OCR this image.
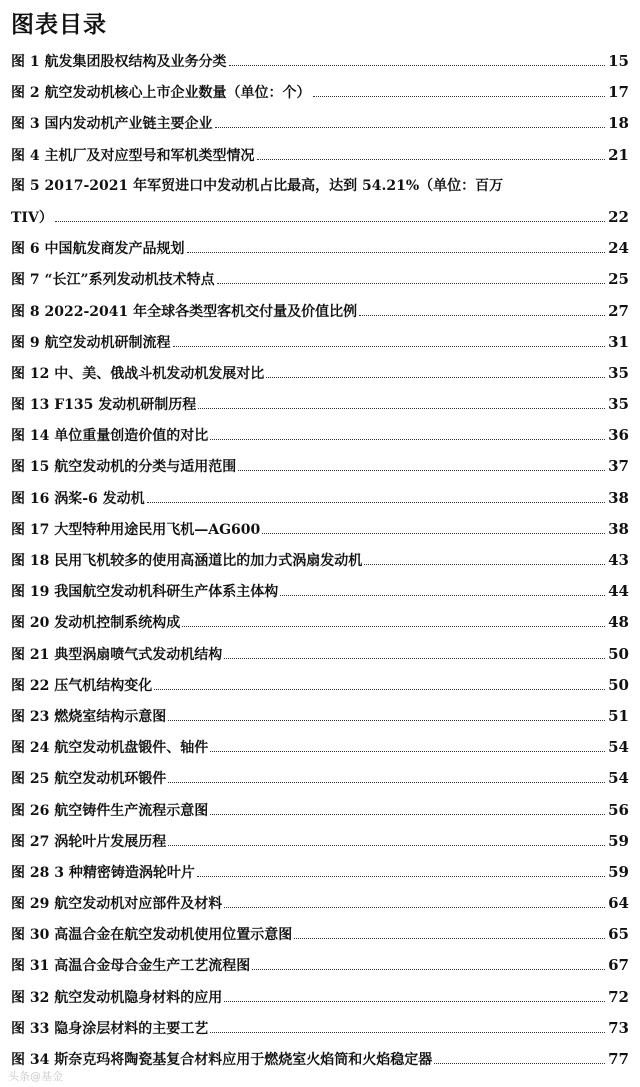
图表目录
图 1 航发集团股权结构及业务分类	15
图 2 航空发动机核心上市企业数量（单位：个）	17
图 3 国内发动机产业链主要企业	18
图 4 主机厂及对应型号和军机类型情况	21
图 5 2017-2021 年军贸进口中发动机占比最高，达到 54.21%（单位：百万
TIV）	22
图 6 中国航发商发产品规划	24
图 7 “长江”系列发动机技术特点	25
图 8 2022-2041 年全球各类型客机交付量及价值比例	27
图 9 航空发动机研制流程	31
图 12 中、美、俄战斗机发动机发展对比	35
图 13 F135 发动机研制历程	35
图 14 单位重量创造价值的对比	36
图 15 航空发动机的分类与适用范围	37
图 16 涡桨-6 发动机	38
图 17 大型特种用途民用飞机—AG600	38
图 18 民用飞机较多的使用高涵道比的加力式涡扇发动机	43
图 19 我国航空发动机科研生产体系主体构	44
图 20 发动机控制系统构成	48
图 21 典型涡扇喷气式发动机结构	50
图 22 压气机结构变化	50
图 23 燃烧室结构示意图	51
图 24 航空发动机盘锻件、轴件	54
图 25 航空发动机环锻件	54
图 26 航空铸件生产流程示意图	56
图 27 涡轮叶片发展历程	59
图 28 3 种精密铸造涡轮叶片	59
图 29 航空发动机对应部件及材料	64
图 30 高温合金在航空发动机使用位置示意图	65
图 31 高温合金母合金生产工艺流程图	67
图 32 航空发动机隐身材料的应用	72
图 33 隐身涂层材料的主要工艺	73
图 34 斯奈克玛将陶瓷基复合材料应用于燃烧室火焰筒和火焰稳定器	77
头条@基金
